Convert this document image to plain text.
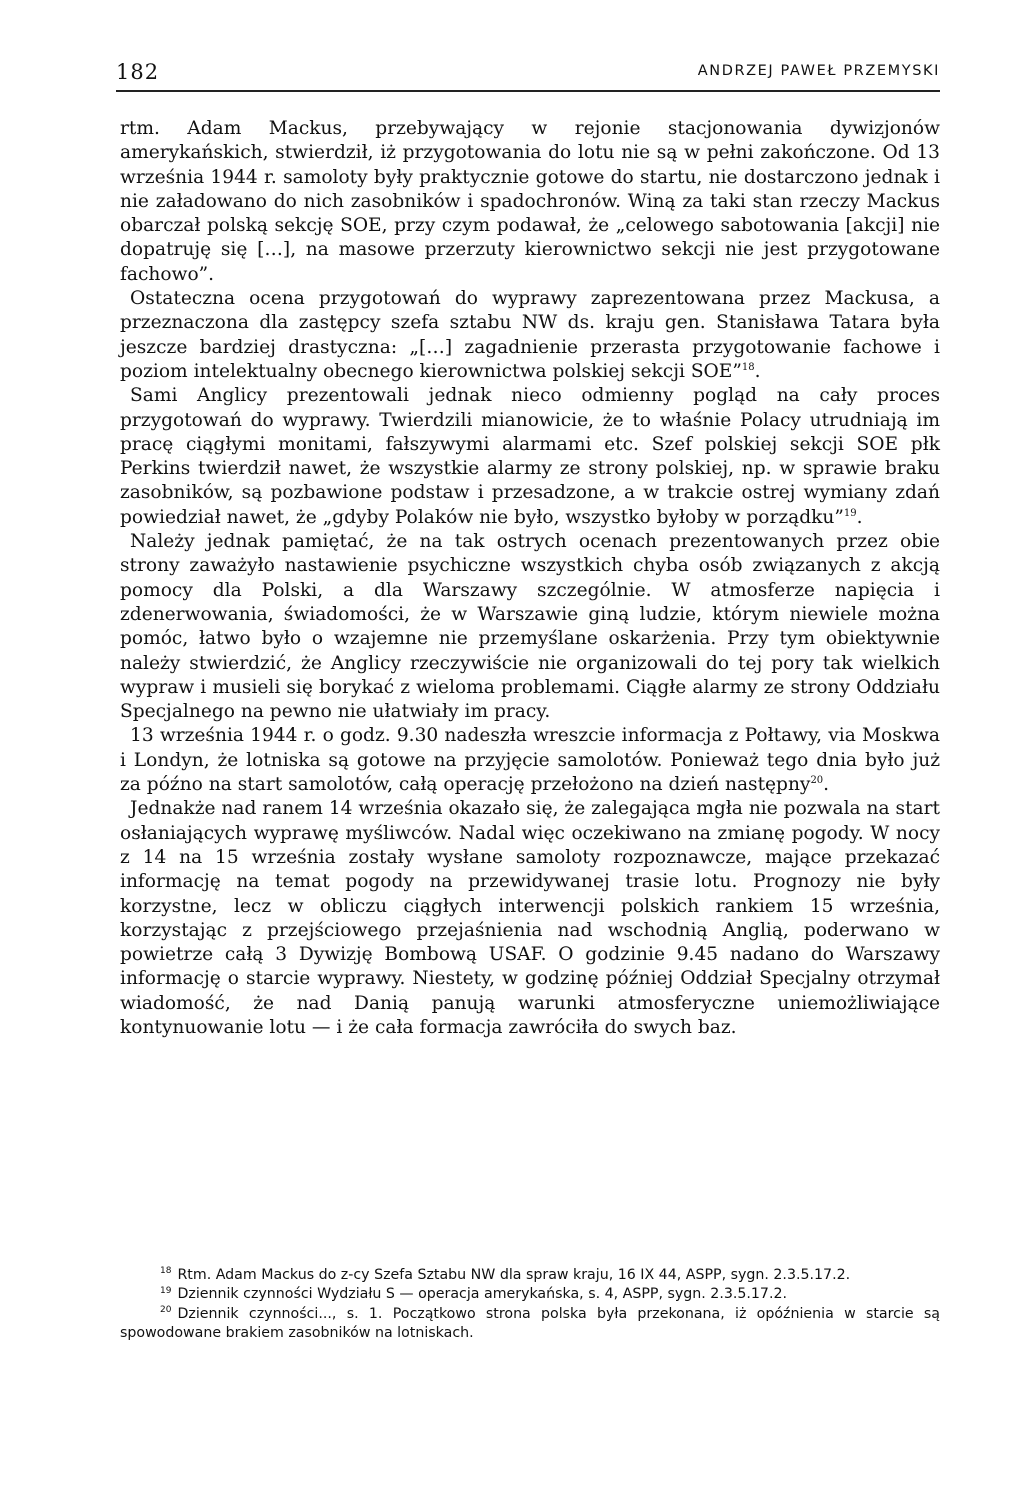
182	ANDRZEJ PAWEŁ PRZEMYSKI

rtm. Adam Mackus, przebywający w rejonie stacjonowania dywizjonów amerykańskich, stwierdził, iż przygotowania do lotu nie są w pełni zakończone. Od 13 września 1944 r. samoloty były praktycznie gotowe do startu, nie dostarczono jednak i nie załadowano do nich zasobników i spadochronów. Winą za taki stan rzeczy Mackus obarczał polską sekcję SOE, przy czym podawał, że „celowego sabotowania [akcji] nie dopatruję się […], na masowe przerzuty kierownictwo sekcji nie jest przygotowane fachowo”.

Ostateczna ocena przygotowań do wyprawy zaprezentowana przez Mackusa, a przeznaczona dla zastępcy szefa sztabu NW ds. kraju gen. Stanisława Tatara była jeszcze bardziej drastyczna: „[…] zagadnienie przerasta przygotowanie fachowe i poziom intelektualny obecnego kierownictwa polskiej sekcji SOE”$^{18}$.

Sami Anglicy prezentowali jednak nieco odmienny pogląd na cały proces przygotowań do wyprawy. Twierdzili mianowicie, że to właśnie Polacy utrudniają im pracę ciągłymi monitami, fałszywymi alarmami etc. Szef polskiej sekcji SOE płk Perkins twierdził nawet, że wszystkie alarmy ze strony polskiej, np. w sprawie braku zasobników, są pozbawione podstaw i przesadzone, a w trakcie ostrej wymiany zdań powiedział nawet, że „gdyby Polaków nie było, wszystko byłoby w porządku”$^{19}$.

Należy jednak pamiętać, że na tak ostrych ocenach prezentowanych przez obie strony zaważyło nastawienie psychiczne wszystkich chyba osób związanych z akcją pomocy dla Polski, a dla Warszawy szczególnie. W atmosferze napięcia i zdenerwowania, świadomości, że w Warszawie giną ludzie, którym niewiele można pomóc, łatwo było o wzajemne nie przemyślane oskarżenia. Przy tym obiektywnie należy stwierdzić, że Anglicy rzeczywiście nie organizowali do tej pory tak wielkich wypraw i musieli się borykać z wieloma problemami. Ciągłe alarmy ze strony Oddziału Specjalnego na pewno nie ułatwiały im pracy.

13 września 1944 r. o godz. 9.30 nadeszła wreszcie informacja z Połtawy, via Moskwa i Londyn, że lotniska są gotowe na przyjęcie samolotów. Ponieważ tego dnia było już za późno na start samolotów, całą operację przełożono na dzień następny$^{20}$.

Jednakże nad ranem 14 września okazało się, że zalegająca mgła nie pozwala na start osłaniających wyprawę myśliwców. Nadal więc oczekiwano na zmianę pogody. W nocy z 14 na 15 września zostały wysłane samoloty rozpoznawcze, mające przekazać informację na temat pogody na przewidywanej trasie lotu. Prognozy nie były korzystne, lecz w obliczu ciągłych interwencji polskich rankiem 15 września, korzystając z przejściowego przejaśnienia nad wschodnią Anglią, poderwano w powietrze całą 3 Dywizję Bombową USAF. O godzinie 9.45 nadano do Warszawy informację o starcie wyprawy. Niestety, w godzinę później Oddział Specjalny otrzymał wiadomość, że nad Danią panują warunki atmosferyczne uniemożliwiające kontynuowanie lotu — i że cała formacja zawróciła do swych baz.

$^{18}$ Rtm. Adam Mackus do z-cy Szefa Sztabu NW dla spraw kraju, 16 IX 44, ASPP, sygn. 2.3.5.17.2.

$^{19}$ Dziennik czynności Wydziału S — operacja amerykańska, s. 4, ASPP, sygn. 2.3.5.17.2.

$^{20}$ Dziennik czynności..., s. 1. Początkowo strona polska była przekonana, iż opóźnienia w starcie są spowodowane brakiem zasobników na lotniskach.
